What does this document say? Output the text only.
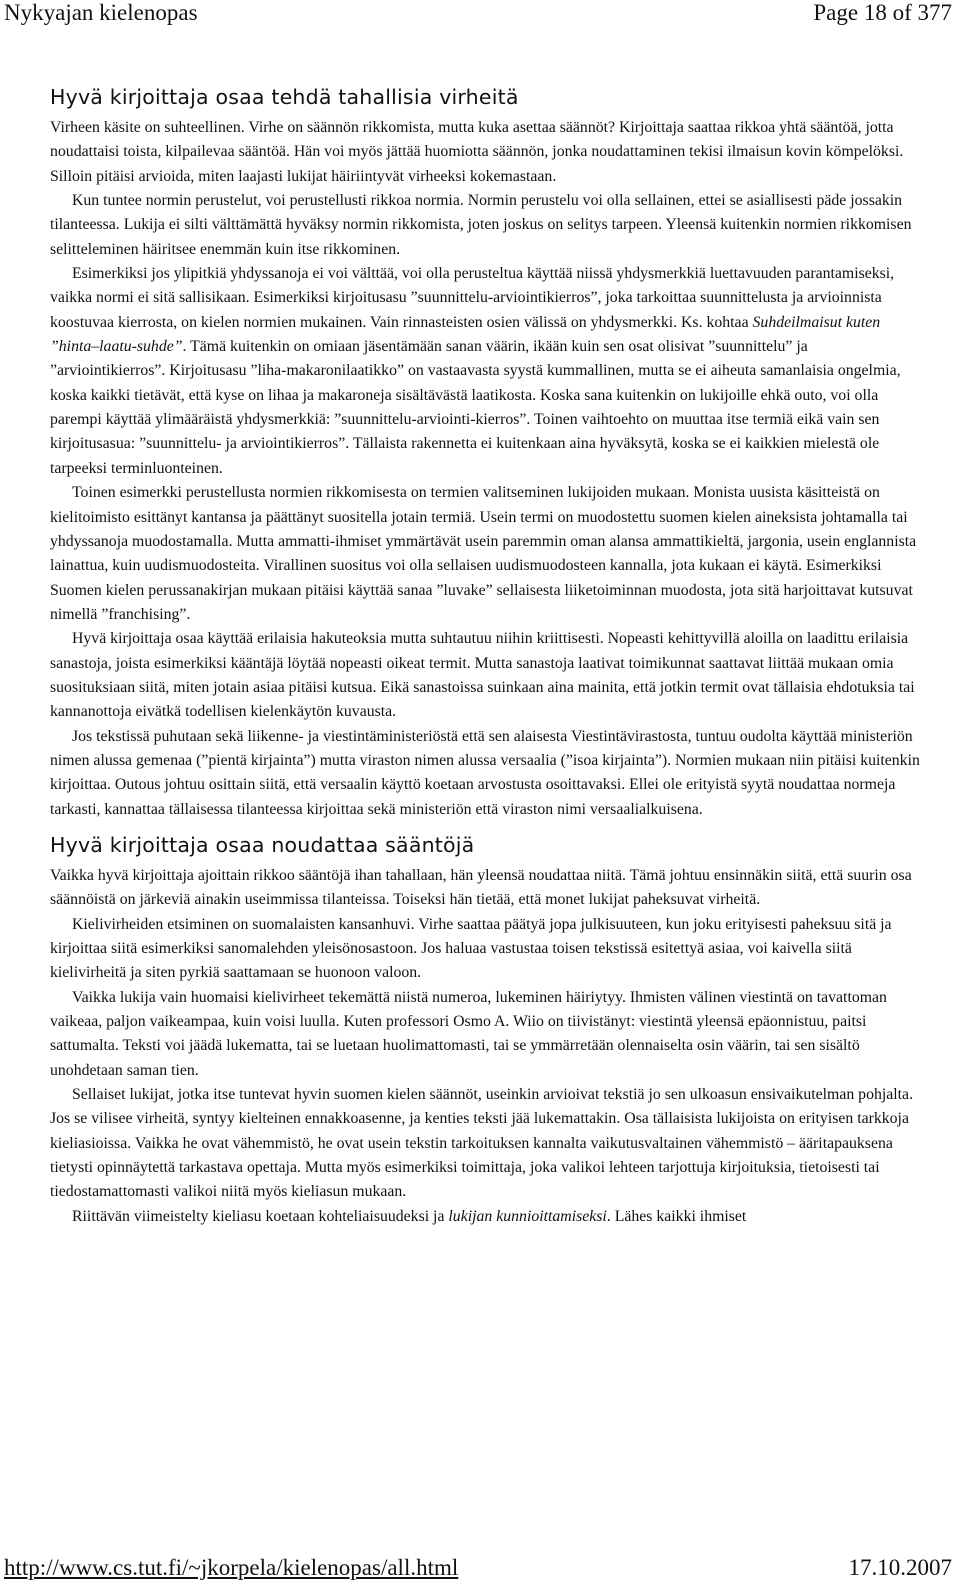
Nykyajan kielenopas	Page 18 of 377
Hyvä kirjoittaja osaa tehdä tahallisia virheitä

Virheen käsite on suhteellinen. Virhe on säännön rikkomista, mutta kuka asettaa säännöt? Kirjoittaja saattaa rikkoa yhtä sääntöä, jotta noudattaisi toista, kilpailevaa sääntöä. Hän voi myös jättää huomiotta säännön, jonka noudattaminen tekisi ilmaisun kovin kömpelöksi. Silloin pitäisi arvioida, miten laajasti lukijat häiriintyvät virheeksi kokemastaan.

Kun tuntee normin perustelut, voi perustellusti rikkoa normia. Normin perustelu voi olla sellainen, ettei se asiallisesti päde jossakin tilanteessa. Lukija ei silti välttämättä hyväksy normin rikkomista, joten joskus on selitys tarpeen. Yleensä kuitenkin normien rikkomisen selitteleminen häiritsee enemmän kuin itse rikkominen.

Esimerkiksi jos ylipitkiä yhdyssanoja ei voi välttää, voi olla perusteltua käyttää niissä yhdysmerkkiä luettavuuden parantamiseksi, vaikka normi ei sitä sallisikaan. Esimerkiksi kirjoitusasu ”suunnittelu-arviointikierros”, joka tarkoittaa suunnittelusta ja arvioinnista koostuvaa kierrosta, on kielen normien mukainen. Vain rinnasteisten osien välissä on yhdysmerkki. Ks. kohtaa Suhdeilmaisut kuten ”hinta–laatu-suhde”. Tämä kuitenkin on omiaan jäsentämään sanan väärin, ikään kuin sen osat olisivat ”suunnittelu” ja ”arviointikierros”. Kirjoitusasu ”liha-makaronilaatikko” on vastaavasta syystä kummallinen, mutta se ei aiheuta samanlaisia ongelmia, koska kaikki tietävät, että kyse on lihaa ja makaroneja sisältävästä laatikosta. Koska sana kuitenkin on lukijoille ehkä outo, voi olla parempi käyttää ylimääräistä yhdysmerkkiä: ”suunnittelu-arviointi-kierros”. Toinen vaihtoehto on muuttaa itse termiä eikä vain sen kirjoitusasua: ”suunnittelu- ja arviointikierros”. Tällaista rakennetta ei kuitenkaan aina hyväksytä, koska se ei kaikkien mielestä ole tarpeeksi terminluonteinen.

Toinen esimerkki perustellusta normien rikkomisesta on termien valitseminen lukijoiden mukaan. Monista uusista käsitteistä on kielitoimisto esittänyt kantansa ja päättänyt suositella jotain termiä. Usein termi on muodostettu suomen kielen aineksista johtamalla tai yhdyssanoja muodostamalla. Mutta ammatti-ihmiset ymmärtävät usein paremmin oman alansa ammattikieltä, jargonia, usein englannista lainattua, kuin uudismuodosteita. Virallinen suositus voi olla sellaisen uudismuodosteen kannalla, jota kukaan ei käytä. Esimerkiksi Suomen kielen perussanakirjan mukaan pitäisi käyttää sanaa ”luvake” sellaisesta liiketoiminnan muodosta, jota sitä harjoittavat kutsuvat nimellä ”franchising”.

Hyvä kirjoittaja osaa käyttää erilaisia hakuteoksia mutta suhtautuu niihin kriittisesti. Nopeasti kehittyvillä aloilla on laadittu erilaisia sanastoja, joista esimerkiksi kääntäjä löytää nopeasti oikeat termit. Mutta sanastoja laativat toimikunnat saattavat liittää mukaan omia suosituksiaan siitä, miten jotain asiaa pitäisi kutsua. Eikä sanastoissa suinkaan aina mainita, että jotkin termit ovat tällaisia ehdotuksia tai kannanottoja eivätkä todellisen kielenkäytön kuvausta.

Jos tekstissä puhutaan sekä liikenne- ja viestintäministeriöstä että sen alaisesta Viestintävirastosta, tuntuu oudolta käyttää ministeriön nimen alussa gemenaa (”pientä kirjainta”) mutta viraston nimen alussa versaalia (”isoa kirjainta”). Normien mukaan niin pitäisi kuitenkin kirjoittaa. Outous johtuu osittain siitä, että versaalin käyttö koetaan arvostusta osoittavaksi. Ellei ole erityistä syytä noudattaa normeja tarkasti, kannattaa tällaisessa tilanteessa kirjoittaa sekä ministeriön että viraston nimi versaalialkuisena.

Hyvä kirjoittaja osaa noudattaa sääntöjä

Vaikka hyvä kirjoittaja ajoittain rikkoo sääntöjä ihan tahallaan, hän yleensä noudattaa niitä. Tämä johtuu ensinnäkin siitä, että suurin osa säännöistä on järkeviä ainakin useimmissa tilanteissa. Toiseksi hän tietää, että monet lukijat paheksuvat virheitä.

Kielivirheiden etsiminen on suomalaisten kansanhuvi. Virhe saattaa päätyä jopa julkisuuteen, kun joku erityisesti paheksuu sitä ja kirjoittaa siitä esimerkiksi sanomalehden yleisönosastoon. Jos haluaa vastustaa toisen tekstissä esitettyä asiaa, voi kaivella siitä kielivirheitä ja siten pyrkiä saattamaan se huonoon valoon.

Vaikka lukija vain huomaisi kielivirheet tekemättä niistä numeroa, lukeminen häiriytyy. Ihmisten välinen viestintä on tavattoman vaikeaa, paljon vaikeampaa, kuin voisi luulla. Kuten professori Osmo A. Wiio on tiivistänyt: viestintä yleensä epäonnistuu, paitsi sattumalta. Teksti voi jäädä lukematta, tai se luetaan huolimattomasti, tai se ymmärretään olennaiselta osin väärin, tai sen sisältö unohdetaan saman tien.

Sellaiset lukijat, jotka itse tuntevat hyvin suomen kielen säännöt, useinkin arvioivat tekstiä jo sen ulkoasun ensivaikutelman pohjalta. Jos se vilisee virheitä, syntyy kielteinen ennakkoasenne, ja kenties teksti jää lukemattakin. Osa tällaisista lukijoista on erityisen tarkkoja kieliasioissa. Vaikka he ovat vähemmistö, he ovat usein tekstin tarkoituksen kannalta vaikutusvaltainen vähemmistö – ääritapauksena tietysti opinnäytettä tarkastava opettaja. Mutta myös esimerkiksi toimittaja, joka valikoi lehteen tarjottuja kirjoituksia, tietoisesti tai tiedostamattomasti valikoi niitä myös kieliasun mukaan.

Riittävän viimeistelty kieliasu koetaan kohteliaisuudeksi ja lukijan kunnioittamiseksi. Lähes kaikki ihmiset

http://www.cs.tut.fi/~jkorpela/kielenopas/all.html	17.10.2007
